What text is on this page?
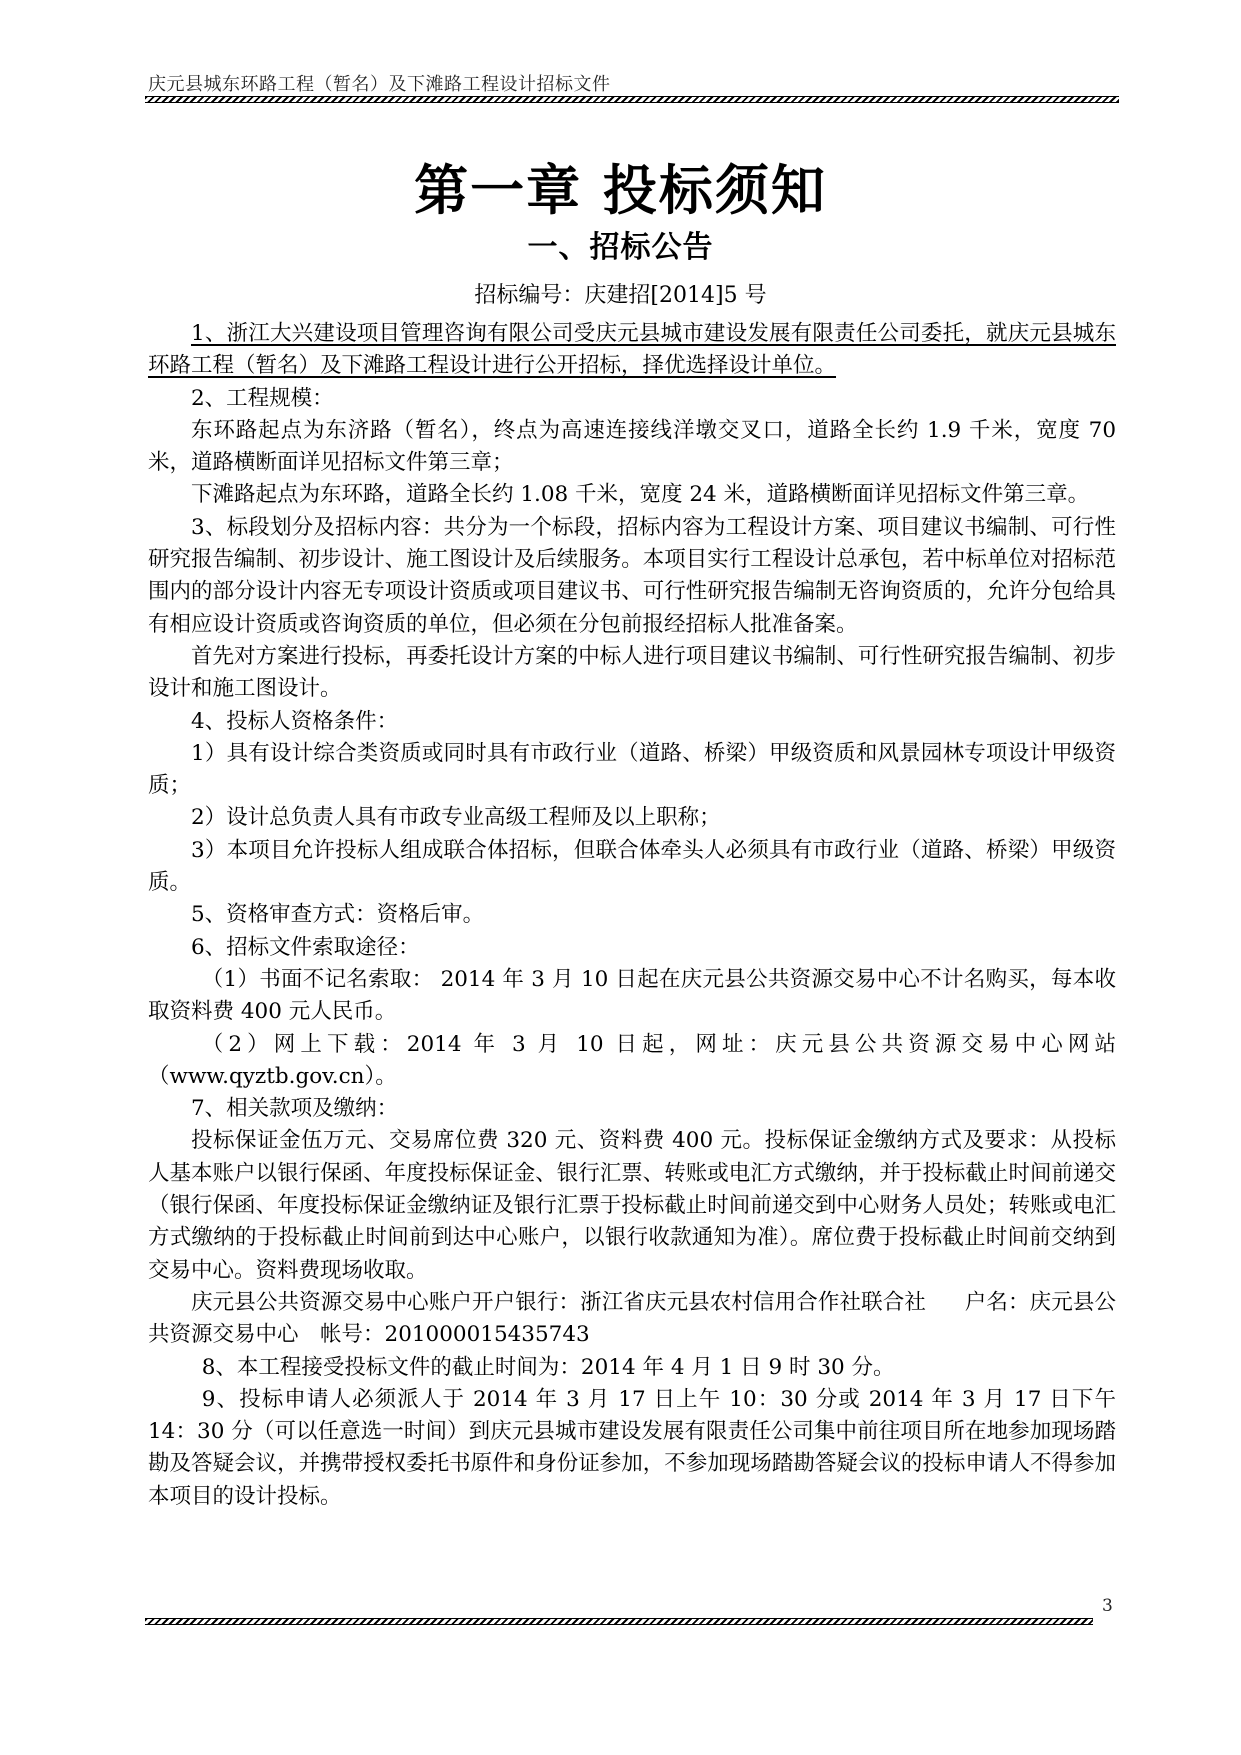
庆元县城东环路工程（暂名）及下滩路工程设计招标文件
第一章 投标须知
一、招标公告
招标编号：庆建招[2014]5 号

1、浙江大兴建设项目管理咨询有限公司受庆元县城市建设发展有限责任公司委托，就庆元县城东环路工程（暂名）及下滩路工程设计进行公开招标，择优选择设计单位。

2、工程规模：

东环路起点为东济路（暂名），终点为高速连接线洋墩交叉口，道路全长约 1.9 千米，宽度 70 米，道路横断面详见招标文件第三章；

下滩路起点为东环路，道路全长约 1.08 千米，宽度 24 米，道路横断面详见招标文件第三章。

3、标段划分及招标内容：共分为一个标段，招标内容为工程设计方案、项目建议书编制、可行性研究报告编制、初步设计、施工图设计及后续服务。本项目实行工程设计总承包，若中标单位对招标范围内的部分设计内容无专项设计资质或项目建议书、可行性研究报告编制无咨询资质的，允许分包给具有相应设计资质或咨询资质的单位，但必须在分包前报经招标人批准备案。

首先对方案进行投标，再委托设计方案的中标人进行项目建议书编制、可行性研究报告编制、初步设计和施工图设计。

4、投标人资格条件：

1）具有设计综合类资质或同时具有市政行业（道路、桥梁）甲级资质和风景园林专项设计甲级资质；

2）设计总负责人具有市政专业高级工程师及以上职称；

3）本项目允许投标人组成联合体招标，但联合体牵头人必须具有市政行业（道路、桥梁）甲级资质。

5、资格审查方式：资格后审。

6、招标文件索取途径：

（1）书面不记名索取： 2014 年 3 月 10 日起在庆元县公共资源交易中心不计名购买，每本收取资料费 400 元人民币。

（2）网上下载：2014 年 3 月 10 日起，网址：庆元县公共资源交易中心网站（www.qyztb.gov.cn）。

7、相关款项及缴纳：

投标保证金伍万元、交易席位费 320 元、资料费 400 元。投标保证金缴纳方式及要求：从投标人基本账户以银行保函、年度投标保证金、银行汇票、转账或电汇方式缴纳，并于投标截止时间前递交（银行保函、年度投标保证金缴纳证及银行汇票于投标截止时间前递交到中心财务人员处；转账或电汇方式缴纳的于投标截止时间前到达中心账户，以银行收款通知为准）。席位费于投标截止时间前交纳到交易中心。资料费现场收取。

庆元县公共资源交易中心账户开户银行：浙江省庆元县农村信用合作社联合社 户名：庆元县公共资源交易中心 帐号：201000015435743

8、本工程接受投标文件的截止时间为：2014 年 4 月 1 日 9 时 30 分。

9、投标申请人必须派人于 2014 年 3 月 17 日上午 10：30 分或 2014 年 3 月 17 日下午 14：30 分（可以任意选一时间）到庆元县城市建设发展有限责任公司集中前往项目所在地参加现场踏勘及答疑会议，并携带授权委托书原件和身份证参加，不参加现场踏勘答疑会议的投标申请人不得参加本项目的设计投标。

3
